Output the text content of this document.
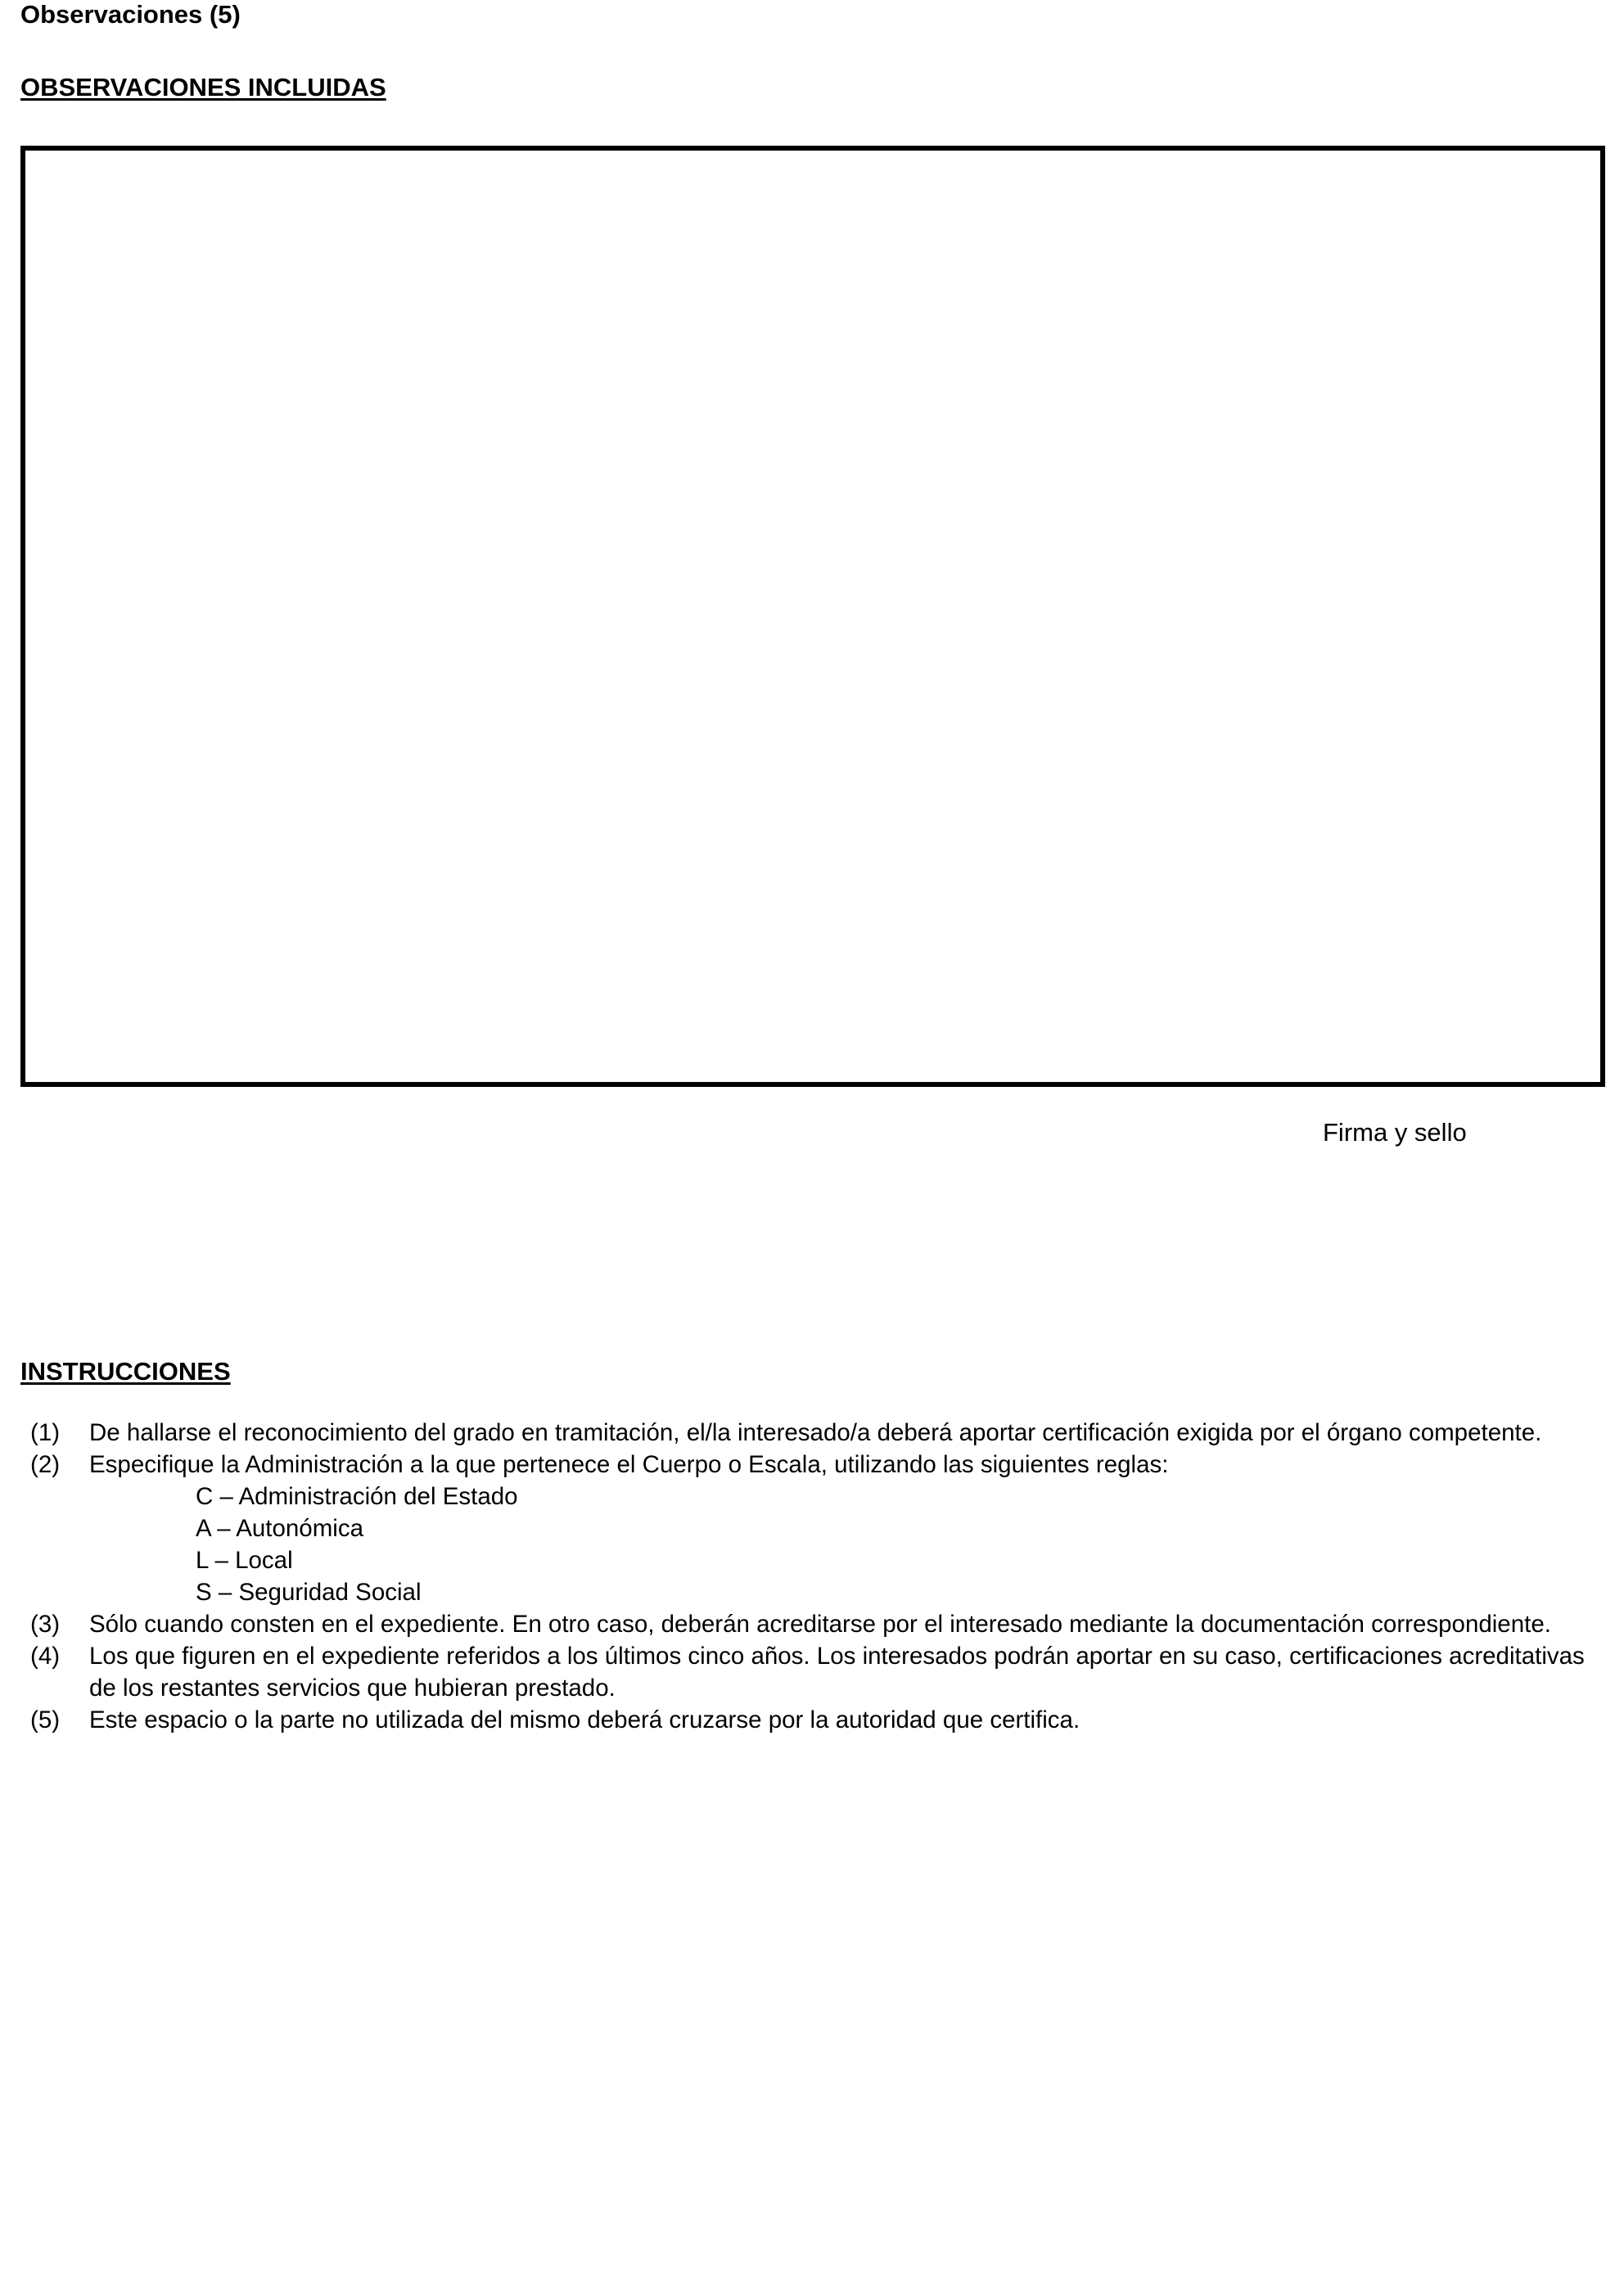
Observaciones (5)
OBSERVACIONES INCLUIDAS

Firma y sello

INSTRUCCIONES
(1)	De hallarse el reconocimiento del grado en tramitación, el/la interesado/a deberá aportar certificación exigida por el órgano competente.
(2)	Especifique la Administración a la que pertenece el Cuerpo o Escala, utilizando las siguientes reglas:
C – Administración del Estado
A – Autonómica
L – Local
S – Seguridad Social
(3)	Sólo cuando consten en el expediente. En otro caso, deberán acreditarse por el interesado mediante la documentación correspondiente.
(4)	Los que figuren en el expediente referidos a los últimos cinco años. Los interesados podrán aportar en su caso, certificaciones acreditativas de los restantes servicios que hubieran prestado.
(5)	Este espacio o la parte no utilizada del mismo deberá cruzarse por la autoridad que certifica.
